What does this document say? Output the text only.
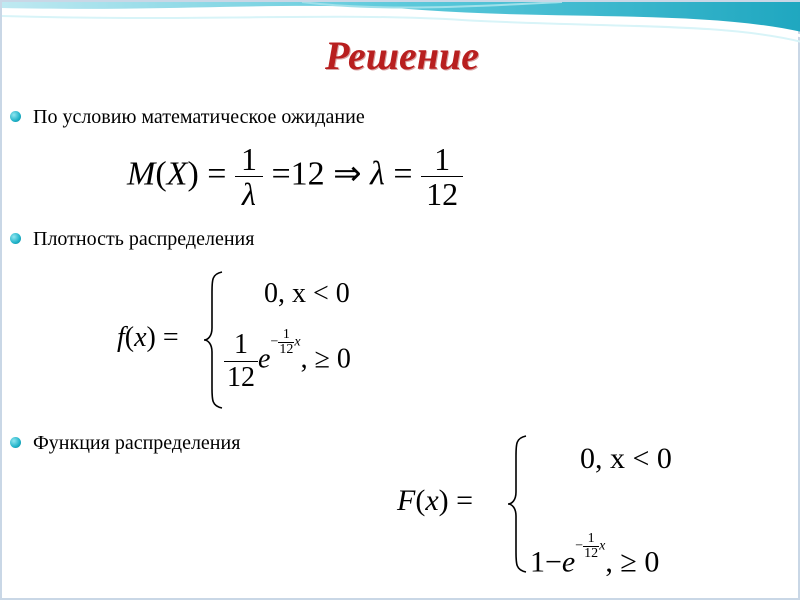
Решение
По условию математическое ожидание
$M(X) = \frac{1}{\lambda} =12$ ⇒ $\lambda = \frac{1}{12}$
Плотность распределения
f(x) =
0, x < 0
$\frac{1}{12} e- \frac{1}{12} x$, ≥ 0
Функция распределения
F(x) =
0, x < 0
$1-e- \frac{1}{12} x$, ≥ 0
